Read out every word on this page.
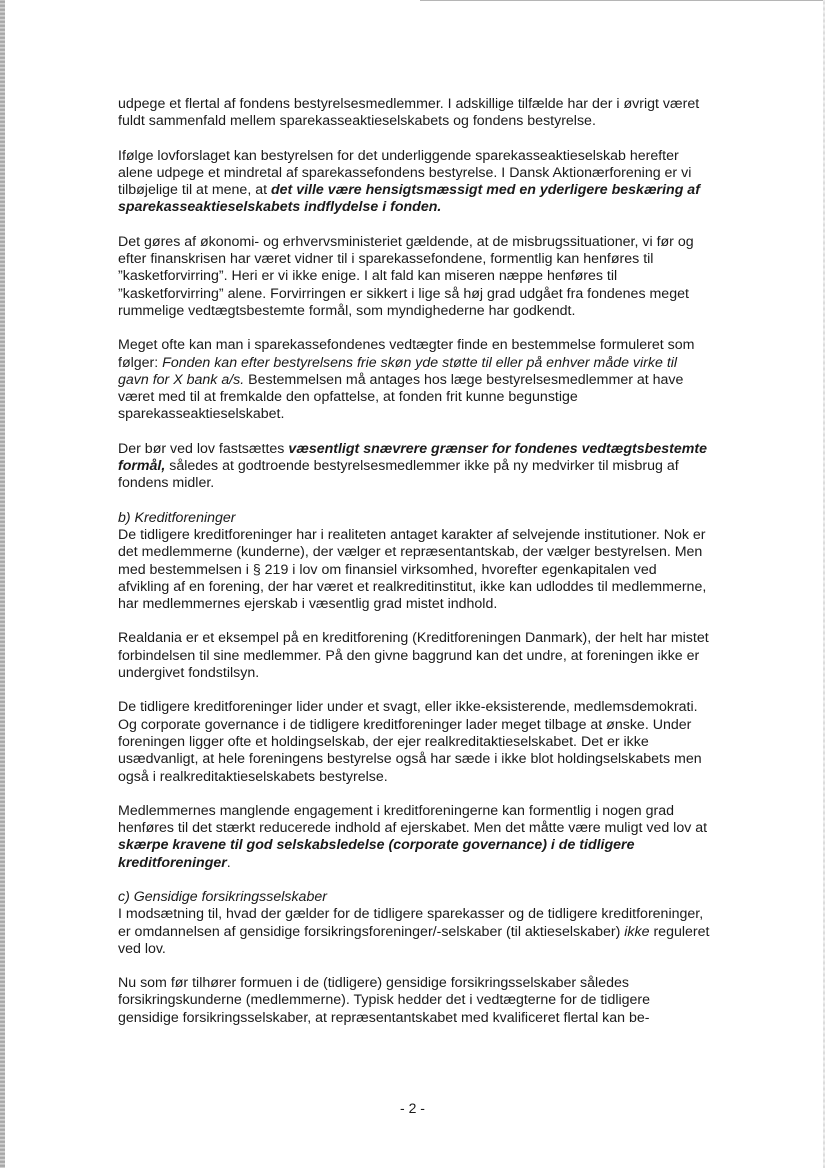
udpege et flertal af fondens bestyrelsesmedlemmer. I adskillige tilfælde har der i øvrigt været fuldt sammenfald mellem sparekasseaktieselskabets og fondens bestyrelse.

Ifølge lovforslaget kan bestyrelsen for det underliggende sparekasseaktieselskab herefter alene udpege et mindretal af sparekassefondens bestyrelse. I Dansk Aktionærforening er vi tilbøjelige til at mene, at det ville være hensigtsmæssigt med en yderligere beskæring af sparekasseaktieselskabets indflydelse i fonden.

Det gøres af økonomi- og erhvervsministeriet gældende, at de misbrugssituationer, vi før og efter finanskrisen har været vidner til i sparekassefondene, formentlig kan henføres til ”kasketforvirring”. Heri er vi ikke enige. I alt fald kan miseren næppe henføres til ”kasketforvirring” alene. Forvirringen er sikkert i lige så høj grad udgået fra fondenes meget rummelige vedtægtsbestemte formål, som myndighederne har godkendt.

Meget ofte kan man i sparekassefondenes vedtægter finde en bestemmelse formuleret som følger: Fonden kan efter bestyrelsens frie skøn yde støtte til eller på enhver måde virke til gavn for X bank a/s. Bestemmelsen må antages hos læge bestyrelsesmedlemmer at have været med til at fremkalde den opfattelse, at fonden frit kunne begunstige sparekasseaktieselskabet.

Der bør ved lov fastsættes væsentligt snævrere grænser for fondenes vedtægtsbestemte formål, således at godtroende bestyrelsesmedlemmer ikke på ny medvirker til misbrug af fondens midler.

b) Kreditforeninger
De tidligere kreditforeninger har i realiteten antaget karakter af selvejende institutioner. Nok er det medlemmerne (kunderne), der vælger et repræsentantskab, der vælger bestyrelsen. Men med bestemmelsen i § 219 i lov om finansiel virksomhed, hvorefter egenkapitalen ved afvikling af en forening, der har været et realkreditinstitut, ikke kan udloddes til medlemmerne, har medlemmernes ejerskab i væsentlig grad mistet indhold.

Realdania er et eksempel på en kreditforening (Kreditforeningen Danmark), der helt har mistet forbindelsen til sine medlemmer. På den givne baggrund kan det undre, at foreningen ikke er undergivet fondstilsyn.

De tidligere kreditforeninger lider under et svagt, eller ikke-eksisterende, medlemsdemokrati. Og corporate governance i de tidligere kreditforeninger lader meget tilbage at ønske. Under foreningen ligger ofte et holdingselskab, der ejer realkreditaktieselskabet. Det er ikke usædvanligt, at hele foreningens bestyrelse også har sæde i ikke blot holdingselskabets men også i realkreditaktieselskabets bestyrelse.

Medlemmernes manglende engagement i kreditforeningerne kan formentlig i nogen grad henføres til det stærkt reducerede indhold af ejerskabet. Men det måtte være muligt ved lov at skærpe kravene til god selskabsledelse (corporate governance) i de tidligere kreditforeninger.

c) Gensidige forsikringsselskaber
I modsætning til, hvad der gælder for de tidligere sparekasser og de tidligere kreditforeninger, er omdannelsen af gensidige forsikringsforeninger/-selskaber (til aktieselskaber) ikke reguleret ved lov.

Nu som før tilhører formuen i de (tidligere) gensidige forsikringsselskaber således forsikringskunderne (medlemmerne). Typisk hedder det i vedtægterne for de tidligere gensidige forsikringsselskaber, at repræsentantskabet med kvalificeret flertal kan be-

- 2 -
